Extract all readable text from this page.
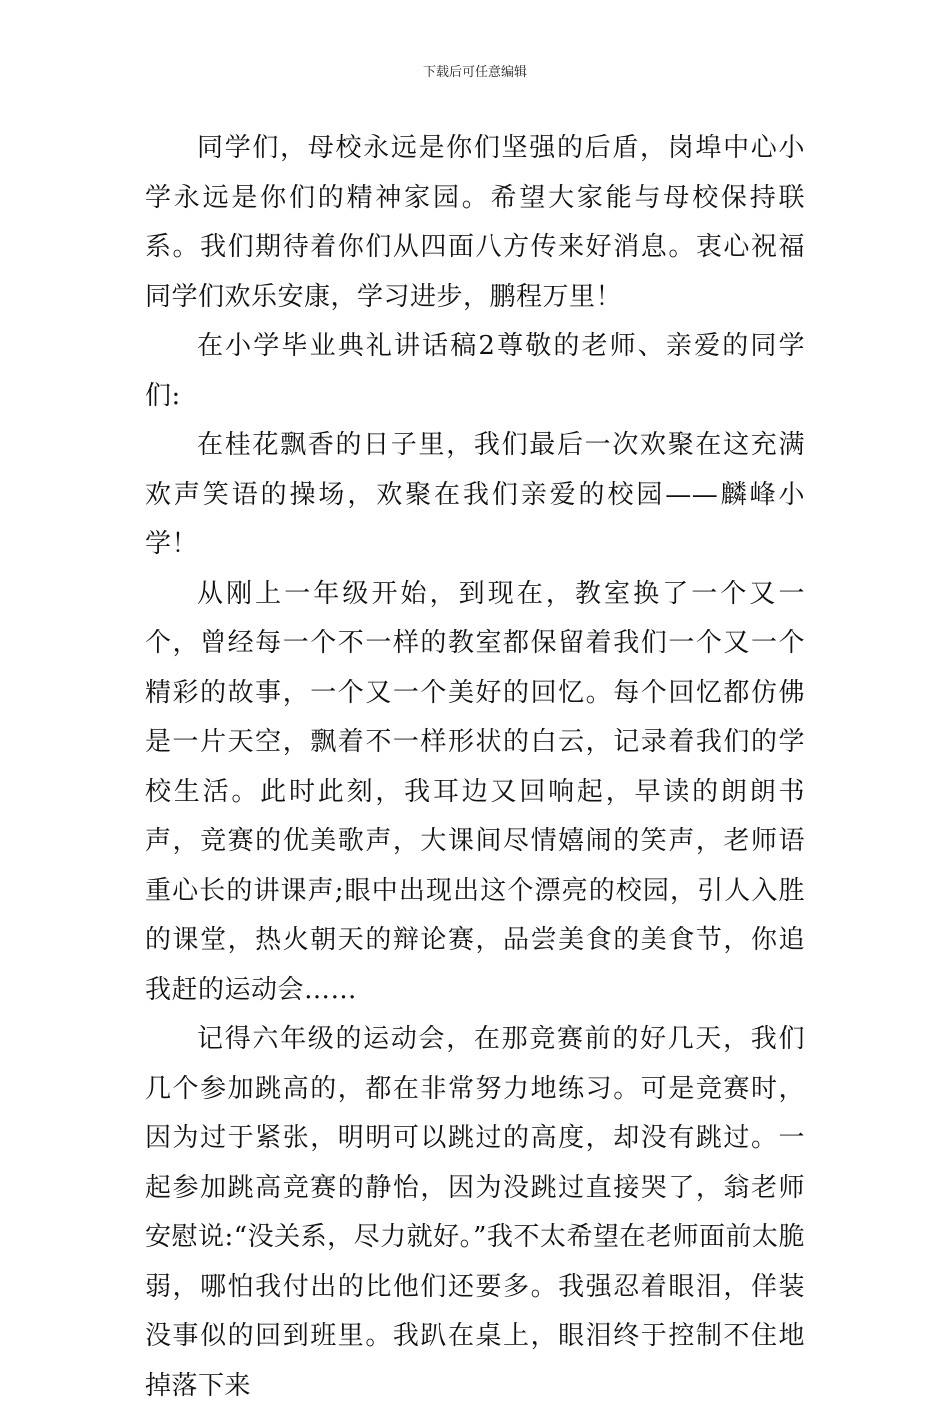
下载后可任意编辑

同学们，母校永远是你们坚强的后盾，岗埠中心小学永远是你们的精神家园。希望大家能与母校保持联系。我们期待着你们从四面八方传来好消息。衷心祝福同学们欢乐安康，学习进步，鹏程万里！

在小学毕业典礼讲话稿2尊敬的老师、亲爱的同学们:

在桂花飘香的日子里，我们最后一次欢聚在这充满欢声笑语的操场，欢聚在我们亲爱的校园——麟峰小学！

从刚上一年级开始，到现在，教室换了一个又一个，曾经每一个不一样的教室都保留着我们一个又一个精彩的故事，一个又一个美好的回忆。每个回忆都仿佛是一片天空，飘着不一样形状的白云，记录着我们的学校生活。此时此刻，我耳边又回响起，早读的朗朗书声，竞赛的优美歌声，大课间尽情嬉闹的笑声，老师语重心长的讲课声;眼中出现出这个漂亮的校园，引人入胜的课堂，热火朝天的辩论赛，品尝美食的美食节，你追我赶的运动会……

记得六年级的运动会，在那竞赛前的好几天，我们几个参加跳高的，都在非常努力地练习。可是竞赛时，因为过于紧张，明明可以跳过的高度，却没有跳过。一起参加跳高竞赛的静怡，因为没跳过直接哭了，翁老师安慰说:“没关系，尽力就好。”我不太希望在老师面前太脆弱，哪怕我付出的比他们还要多。我强忍着眼泪，佯装没事似的回到班里。我趴在桌上，眼泪终于控制不住地掉落下来
